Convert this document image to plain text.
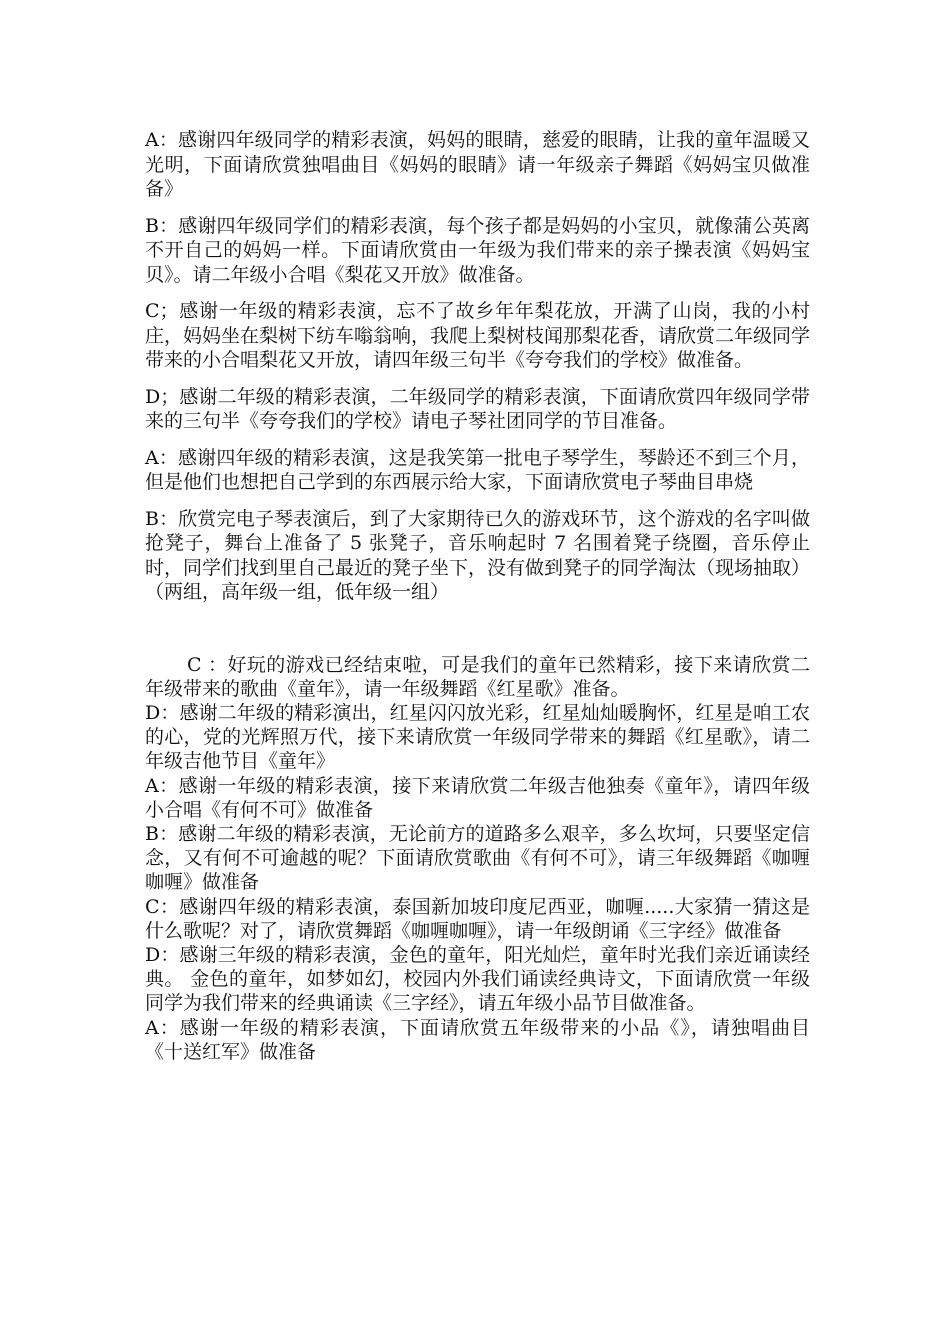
A：感谢四年级同学的精彩表演，妈妈的眼睛，慈爱的眼睛，让我的童年温暖又光明，下面请欣赏独唱曲目《妈妈的眼睛》请一年级亲子舞蹈《妈妈宝贝做准备》

B：感谢四年级同学们的精彩表演，每个孩子都是妈妈的小宝贝，就像蒲公英离不开自己的妈妈一样。下面请欣赏由一年级为我们带来的亲子操表演《妈妈宝贝》。请二年级小合唱《梨花又开放》做准备。

C；感谢一年级的精彩表演，忘不了故乡年年梨花放，开满了山岗，我的小村庄，妈妈坐在梨树下纺车嗡翁响，我爬上梨树枝闻那梨花香，请欣赏二年级同学带来的小合唱梨花又开放，请四年级三句半《夸夸我们的学校》做准备。

D；感谢二年级的精彩表演，二年级同学的精彩表演，下面请欣赏四年级同学带来的三句半《夸夸我们的学校》请电子琴社团同学的节目准备。

A：感谢四年级的精彩表演，这是我笑第一批电子琴学生，琴龄还不到三个月，但是他们也想把自己学到的东西展示给大家，下面请欣赏电子琴曲目串烧

B：欣赏完电子琴表演后，到了大家期待已久的游戏环节，这个游戏的名字叫做抢凳子，舞台上准备了 5 张凳子，音乐响起时 7 名围着凳子绕圈，音乐停止时，同学们找到里自己最近的凳子坐下，没有做到凳子的同学淘汰（现场抽取）（两组，高年级一组，低年级一组）

C ：好玩的游戏已经结束啦，可是我们的童年已然精彩，接下来请欣赏二年级带来的歌曲《童年》，请一年级舞蹈《红星歌》准备。

D：感谢二年级的精彩演出，红星闪闪放光彩，红星灿灿暖胸怀，红星是咱工农的心，党的光辉照万代，接下来请欣赏一年级同学带来的舞蹈《红星歌》，请二年级吉他节目《童年》

A：感谢一年级的精彩表演，接下来请欣赏二年级吉他独奏《童年》，请四年级小合唱《有何不可》做准备

B：感谢二年级的精彩表演，无论前方的道路多么艰辛，多么坎坷，只要坚定信念，又有何不可逾越的呢？下面请欣赏歌曲《有何不可》，请三年级舞蹈《咖喱咖喱》做准备

C：感谢四年级的精彩表演，泰国新加坡印度尼西亚，咖喱.....大家猜一猜这是什么歌呢？对了，请欣赏舞蹈《咖喱咖喱》，请一年级朗诵《三字经》做准备

D：感谢三年级的精彩表演，金色的童年，阳光灿烂，童年时光我们亲近诵读经典。 金色的童年，如梦如幻，校园内外我们诵读经典诗文，下面请欣赏一年级同学为我们带来的经典诵读《三字经》，请五年级小品节目做准备。

A：感谢一年级的精彩表演，下面请欣赏五年级带来的小品《》，请独唱曲目《十送红军》做准备
